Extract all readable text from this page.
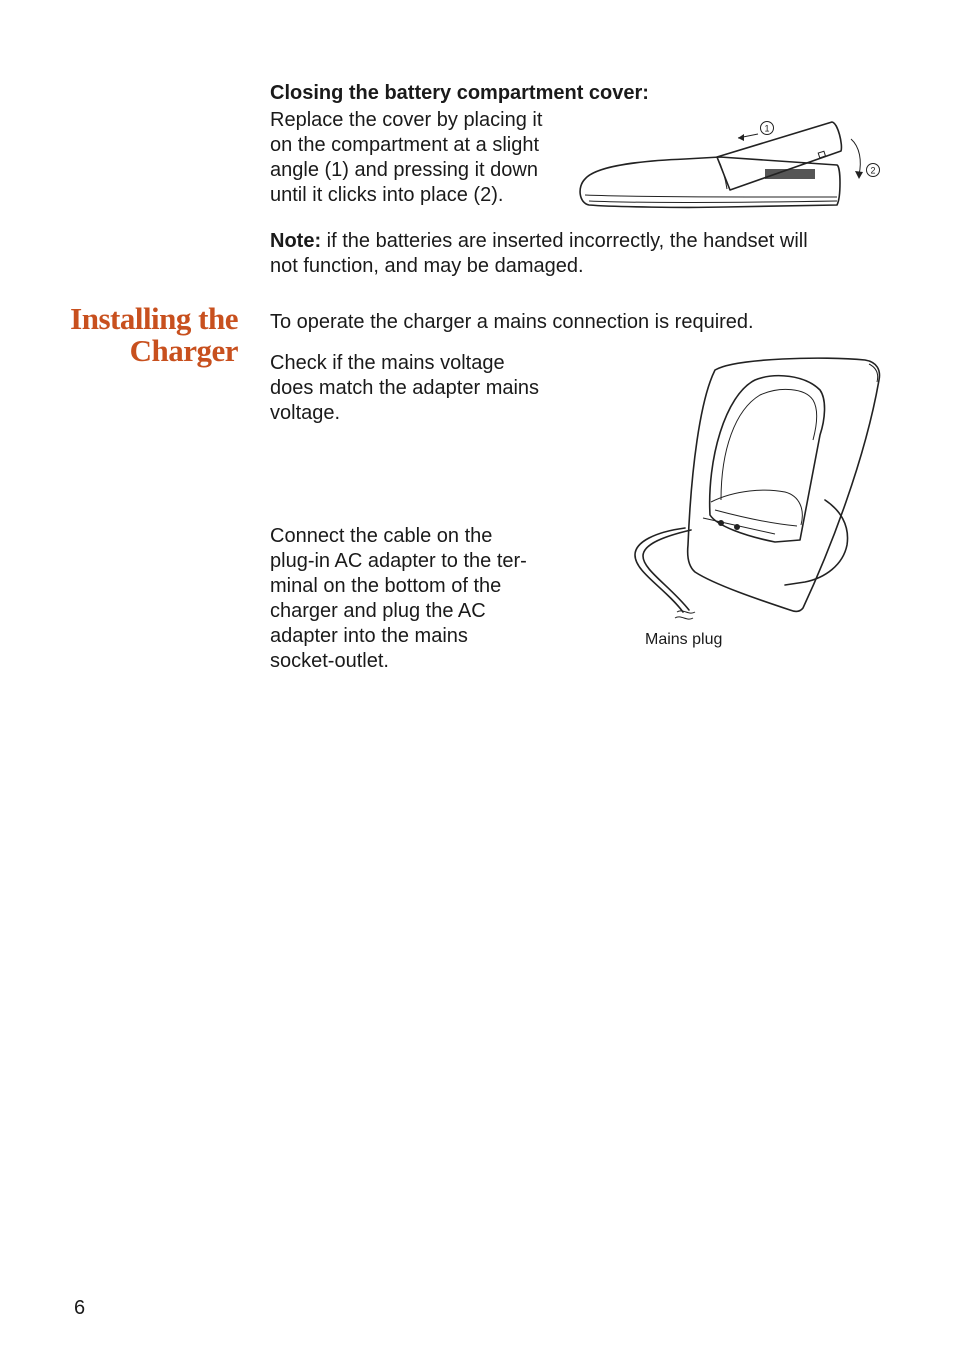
Closing the battery compartment cover:
Replace the cover by placing it
on the compartment at a slight
angle (1) and pressing it down
until it clicks into place (2).
1
2
Note: if the batteries are inserted incorrectly, the handset will
not function, and may be damaged.
Installing the
Charger
To operate the charger a mains connection is required.
Check if the mains voltage
does match the adapter mains
voltage.
Connect the cable on the
plug-in AC adapter to the ter-
minal on the bottom of the
charger and plug the AC
adapter into the mains
socket-outlet.
Mains plug
6
